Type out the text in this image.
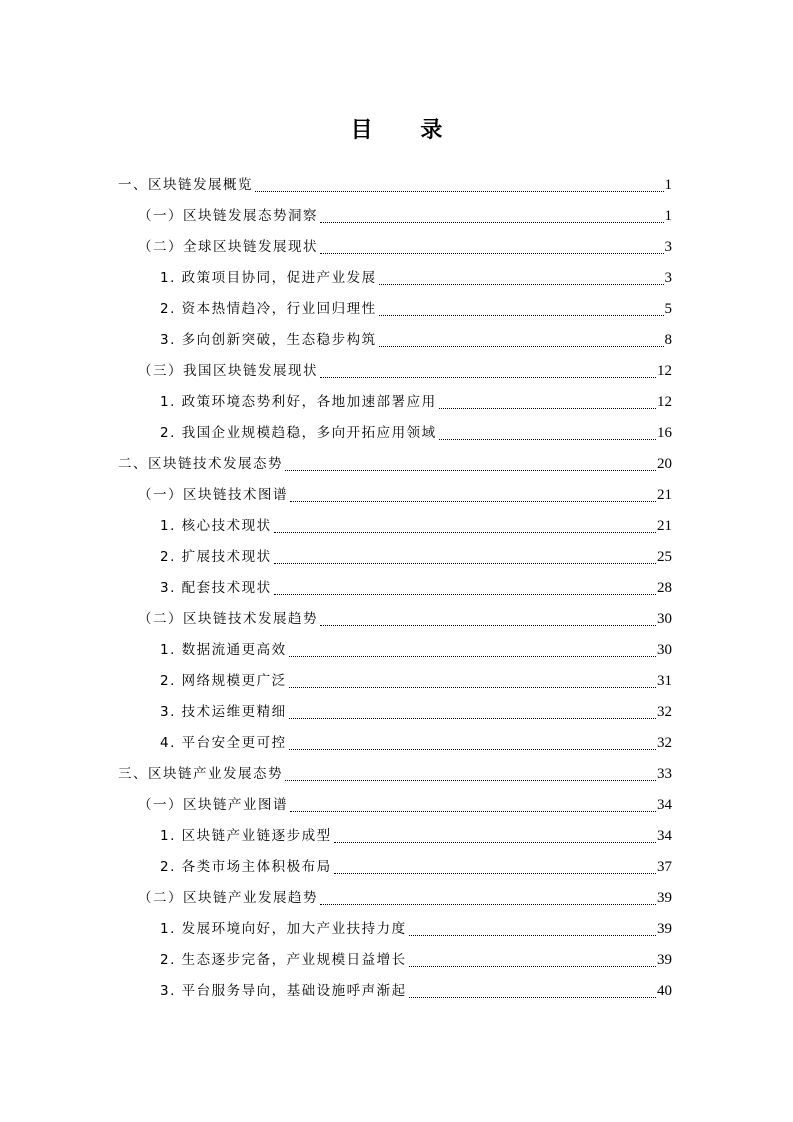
目 录
一、区块链发展概览	1
（一）区块链发展态势洞察	1
（二）全球区块链发展现状	3
1. 政策项目协同，促进产业发展	3
2. 资本热情趋冷，行业回归理性	5
3. 多向创新突破，生态稳步构筑	8
（三）我国区块链发展现状	12
1. 政策环境态势利好，各地加速部署应用	12
2. 我国企业规模趋稳，多向开拓应用领域	16
二、区块链技术发展态势	20
（一）区块链技术图谱	21
1. 核心技术现状	21
2. 扩展技术现状	25
3. 配套技术现状	28
（二）区块链技术发展趋势	30
1. 数据流通更高效	30
2. 网络规模更广泛	31
3. 技术运维更精细	32
4. 平台安全更可控	32
三、区块链产业发展态势	33
（一）区块链产业图谱	34
1. 区块链产业链逐步成型	34
2. 各类市场主体积极布局	37
（二）区块链产业发展趋势	39
1. 发展环境向好，加大产业扶持力度	39
2. 生态逐步完备，产业规模日益增长	39
3. 平台服务导向，基础设施呼声渐起	40
